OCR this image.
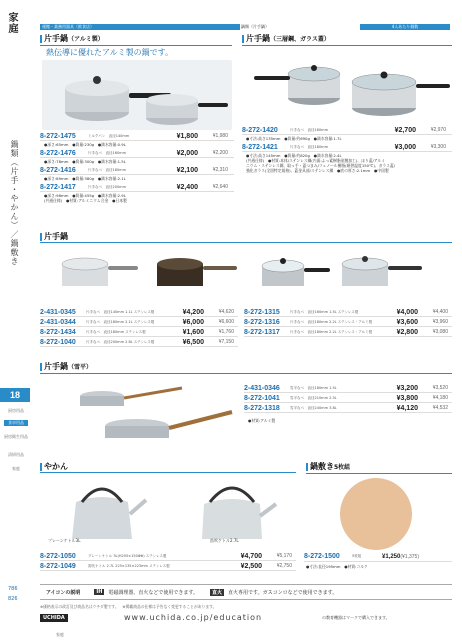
家庭
鍋類（片手・やかん）／鍋敷き
18
厨房用品
食卓用品
厨房衛生用品
清掃用品
家庭
786
826
運搬・業務用器具（飲食店）	鍋類（片手鍋）	4人あたり個数
片手鍋（アルミ製）
熱伝導に優れたアルミ製の鍋です。
片手鍋（三層鋼、ガラス蓋）
片手鍋
片手鍋（雪平）
●材質:アルミ製
やかん
プレーンケトル3L	笛吹ケトル2.7L
鍋敷き5枚組
8-272-1500	5枚組	¥1,250 (¥1,375)
●寸法:直径195mm　●材質:コルク
アイコンの説明	IH	電磁調理器、直火などで使用できます。	直火	直火専用です。ガスコンロなどで使用できます。
※価格表示の改訂及び商品名はウチダ製です。　※掲載商品の仕様は予告なく変更することがあります。
UCHIDA	www.uchida.co.jp/education	の教育機器はマークで購入できます。
家庭
8-272-1475	ミルクパン　直径140mm	¥1,800	¥1,980
●深さ:65mm　●質量:230g　●満水容量:0.9L
8-272-1476	片手なべ　直径160mm	¥2,000	¥2,200
●深さ:78mm　●質量:300g　●満水容量:1.5L
8-272-1416	片手なべ　直径180mm	¥2,100	¥2,310
●深さ:89mm　●質量:380g　●満水容量:2.1L
8-272-1417	片手なべ　直径200mm	¥2,400	¥2,640
●深さ:96mm　●質量:455g　●満水容量:2.9L
(共通仕様)　●材質:アルミニウム合金　●日本製
8-272-1420	片手なべ　直径160mm	¥2,700	¥2,970
●寸法:高さ135mm　●質量:約690g　●満水容量:1.7L
8-272-1421	片手なべ　直径180mm	¥3,000	¥3,300
●寸法:高さ145mm　●質量:約820g　●満水容量:2.4L
(共通仕様)　●材質:本体/ステンレス鋼(内面:ふっ素樹脂塗膜加工)、ほり蓋/アルミ
ニウム・ステンレス鋼、取っ手・蓋つまみ/フェノール樹脂(耐熱温度150℃)、ガラス蓋/
強化ガラス(全固特定規格)、蓋金具部/ステンレス鋼　●底の厚さ:2.1mm　●中国製
2-431-0345	片手なべ　直径140mm 1.1L ステンレス製	¥4,200	¥4,620
2-431-0344	片手なべ　直径180mm 2.1L ステンレス製	¥6,000	¥6,600
8-272-1434	片手なべ　直径180mm ステンレス製	¥1,600	¥1,760
8-272-1040	片手なべ　直径200mm 2.8L ステンレス製	¥6,500	¥7,150
8-272-1315	片手なべ　直径160mm 1.5L ステンレス製	¥4,000	¥4,400
8-272-1316	片手なべ　直径180mm 2.2L ステンレス・アルミ製	¥3,600	¥3,960
8-272-1317	片手なべ　直径180mm 2.2L ステンレス・アルミ製	¥2,800	¥3,080
2-431-0346	雪平なべ　直径180mm 1.5L	¥3,200	¥3,520
8-272-1041	雪平なべ　直径210mm 2.3L	¥3,800	¥4,180
8-272-1318	雪平なべ　直径240mm 3.8L	¥4,120	¥4,532
8-272-1050	プレーンケトル 3L(H205×150ΦΦ) ステンレス製	¥4,700	¥5,170
8-272-1049	笛吹ケトル 2.7L 225×135×223mm ステンレス製	¥2,500	¥2,750
